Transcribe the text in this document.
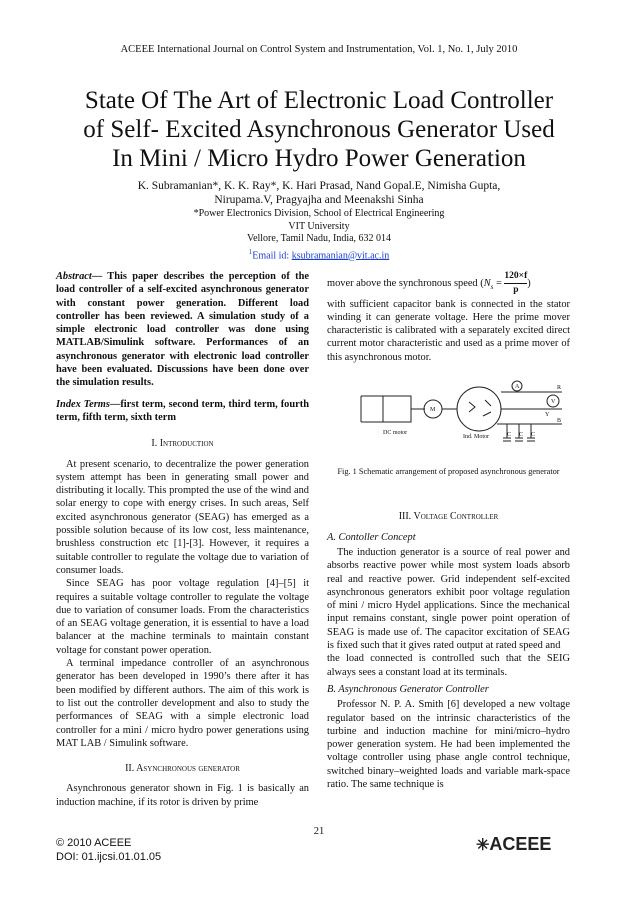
ACEEE International Journal on Control System and Instrumentation, Vol. 1, No. 1, July 2010
State Of The Art of Electronic Load Controller
of Self- Excited Asynchronous Generator Used
In Mini / Micro Hydro Power Generation
K. Subramanian*, K. K. Ray*, K. Hari Prasad, Nand Gopal.E, Nimisha Gupta,
Nirupama.V, Pragyajha and Meenakshi Sinha
*Power Electronics Division, School of Electrical Engineering
VIT University
Vellore, Tamil Nadu, India, 632 014
$^1$Email id: ksubramanian@vit.ac.in

Abstract— This paper describes the perception of the load controller of a self-excited asynchronous generator with constant power generation. Different load controller has been reviewed. A simulation study of a simple electronic load controller was done using MATLAB/Simulink software. Performances of an asynchronous generator with electronic load controller have been evaluated. Discussions have been done over the simulation results.

Index Terms—first term, second term, third term, fourth term, fifth term, sixth term

I. Introduction

At present scenario, to decentralize the power generation system attempt has been in generating small power and distributing it locally. This prompted the use of the wind and solar energy to cope with energy crises. In such areas, Self excited asynchronous generator (SEAG) has emerged as a possible solution because of its low cost, less maintenance, brushless construction etc [1]-[3]. However, it requires a suitable controller to regulate the voltage due to variation of consumer loads.

Since SEAG has poor voltage regulation [4]–[5] it requires a suitable voltage controller to regulate the voltage due to variation of consumer loads. From the characteristics of an SEAG voltage generation, it is essential to have a load balancer at the machine terminals to maintain constant voltage for constant power operation.

A terminal impedance controller of an asynchronous generator has been developed in 1990’s there after it has been modified by different authors. The aim of this work is to list out the controller development and also to study the performances of SEAG with a simple electronic load controller for a mini / micro hydro power generations using MAT LAB / Simulink software.

II. Asynchronous generator

Asynchronous generator shown in Fig. 1 is basically an induction machine, if its rotor is driven by prime

mover above the synchronous speed ($N_s = \frac{120\times f}{p}$ )

with sufficient capacitor bank is connected in the stator winding it can generate voltage. Here the prime mover characteristic is calibrated with a separately excited direct current motor characteristic and used as a prime mover of this asynchronous motor.

M
A
V
R
Y
B
C C C
DC motor
Ind. Motor

Fig. 1 Schematic arrangement of proposed asynchronous generator

III. Voltage Controller

A. Contoller Concept

The induction generator is a source of real power and absorbs reactive power while most system loads absorb real and reactive power. Grid independent self-excited asynchronous generators exhibit poor voltage regulation of mini / micro Hydel applications. Since the mechanical input remains constant, single power point operation of SEAG is made use of. The capacitor excitation of SEAG is fixed such that it gives rated output at rated speed and

the load connected is controlled such that the SEIG always sees a constant load at its terminals.

B. Asynchronous Generator Controller

Professor N. P. A. Smith [6] developed a new voltage regulator based on the intrinsic characteristics of the turbine and induction machine for mini/micro–hydro power generation system. He had been implemented the voltage controller using phase angle control technique, switched binary–weighted loads and variable mark-space ratio. The same technique is

21
© 2010 ACEEE
DOI: 01.ijcsi.01.01.05
✳ACEEE
